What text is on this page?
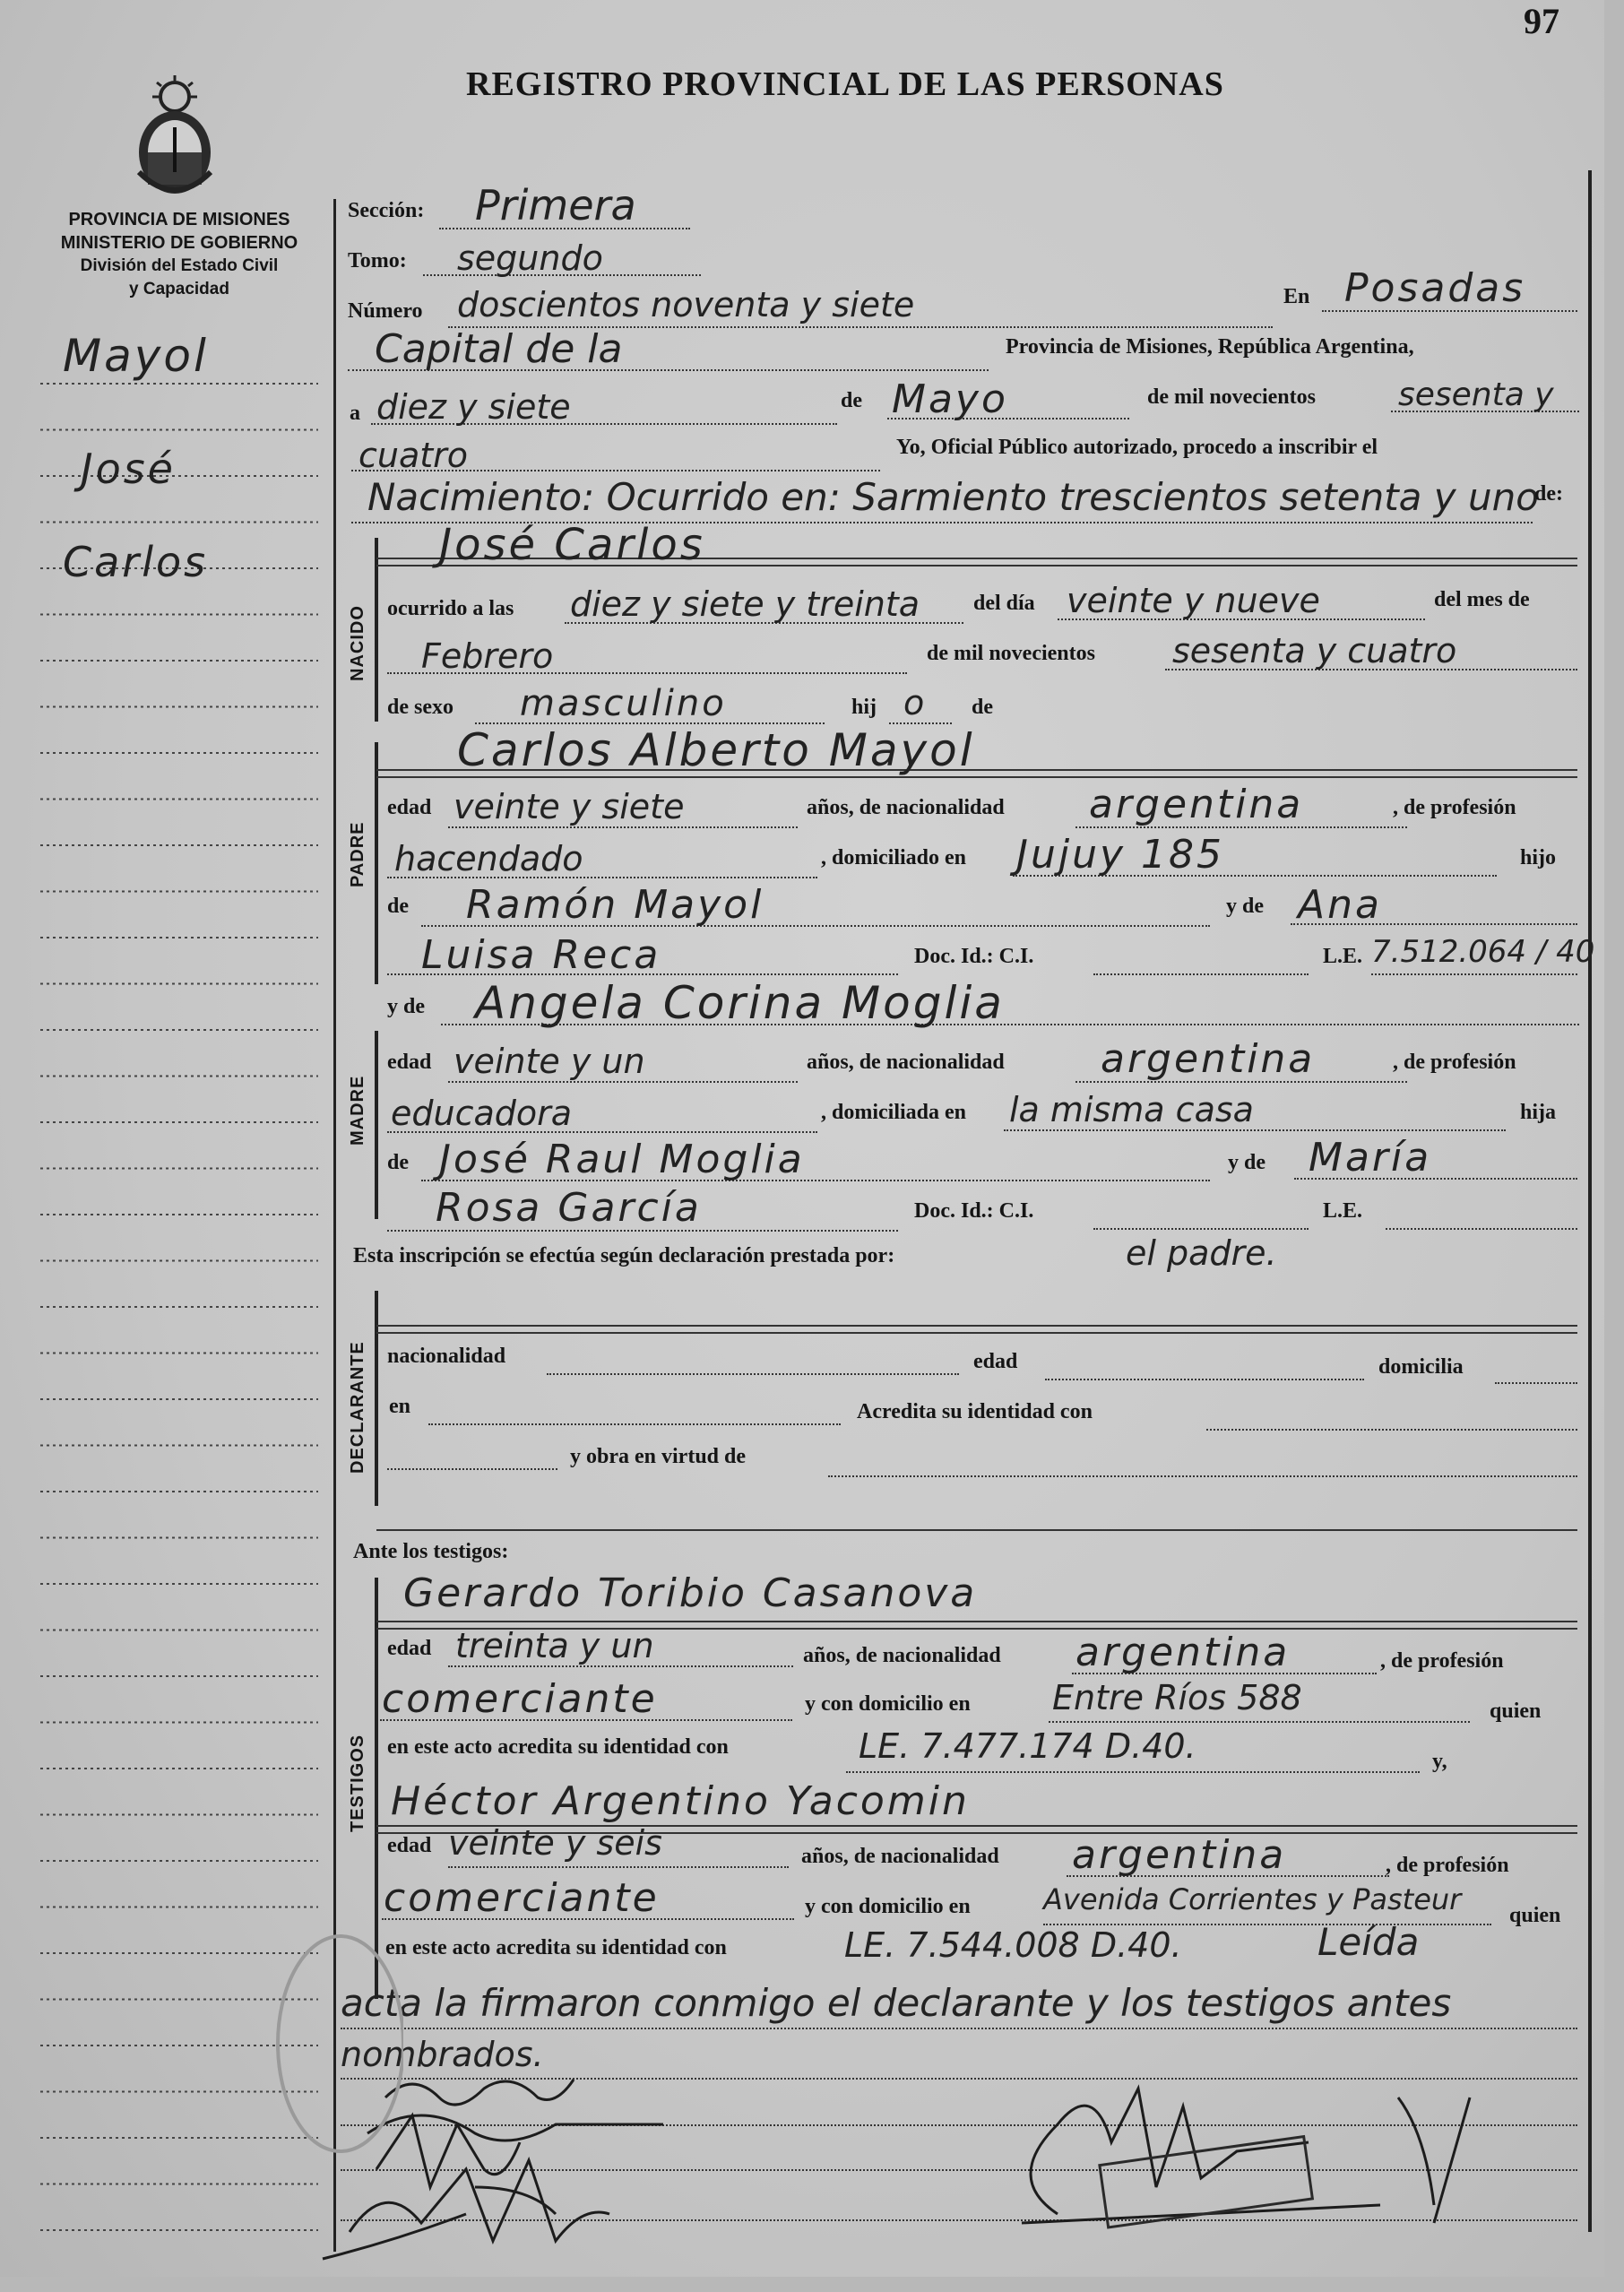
97
REGISTRO PROVINCIAL DE LAS PERSONAS
PROVINCIA DE MISIONES
MINISTERIO DE GOBIERNO
División del Estado Civil
y Capacidad
Mayol
José
Carlos
Sección: Primera
Tomo: segundo
Número doscientos noventa y siete	En Posadas
Capital de la	Provincia de Misiones, República Argentina,
a diez y siete	de Mayo	de mil novecientos	sesenta y
cuatro	Yo, Oficial Público autorizado, procedo a inscribir el
Nacimiento: Ocurrido en: Sarmiento trescientos setenta y uno
de:
NACIDO
José Carlos
ocurrido a las diez y siete y treinta del día veinte y nueve	del mes de
Febrero	de mil novecientos sesenta y cuatro
de sexo masculino	hij o de
PADRE
Carlos Alberto Mayol
edad veinte y siete	años, de nacionalidad argentina	, de profesión
hacendado	, domiciliado en Jujuy 185	hijo
de Ramón Mayol	y de Ana
Luisa Reca	Doc. Id.: C.I.	L.E. 7.512.064 / 40
y de Angela Corina Moglia
MADRE
edad veinte y un	años, de nacionalidad argentina	, de profesión
educadora	, domiciliada en la misma casa	hija
de José Raul Moglia	y de María
Rosa García	Doc. Id.: C.I.	L.E.
Esta inscripción se efectúa según declaración prestada por:	el padre.
DECLARANTE nacionalidad	edad	domicilia
en	Acredita su identidad con
y obra en virtud de
Ante los testigos:
TESTIGOS
Gerardo Toribio Casanova
edad treinta y un	años, de nacionalidad argentina	, de profesión
comerciante	y con domicilio en Entre Ríos 588	quien
en este acto acredita su identidad con	LE. 7.477.174 D.40.	y,
Héctor Argentino Yacomin
edad veinte y seis	años, de nacionalidad argentina	, de profesión
comerciante	y con domicilio en	Avenida Corrientes y Pasteur quien
en este acto acredita su identidad con	LE. 7.544.008 D.40.	Leída
acta la firmaron conmigo el declarante y los testigos antes
nombrados.
